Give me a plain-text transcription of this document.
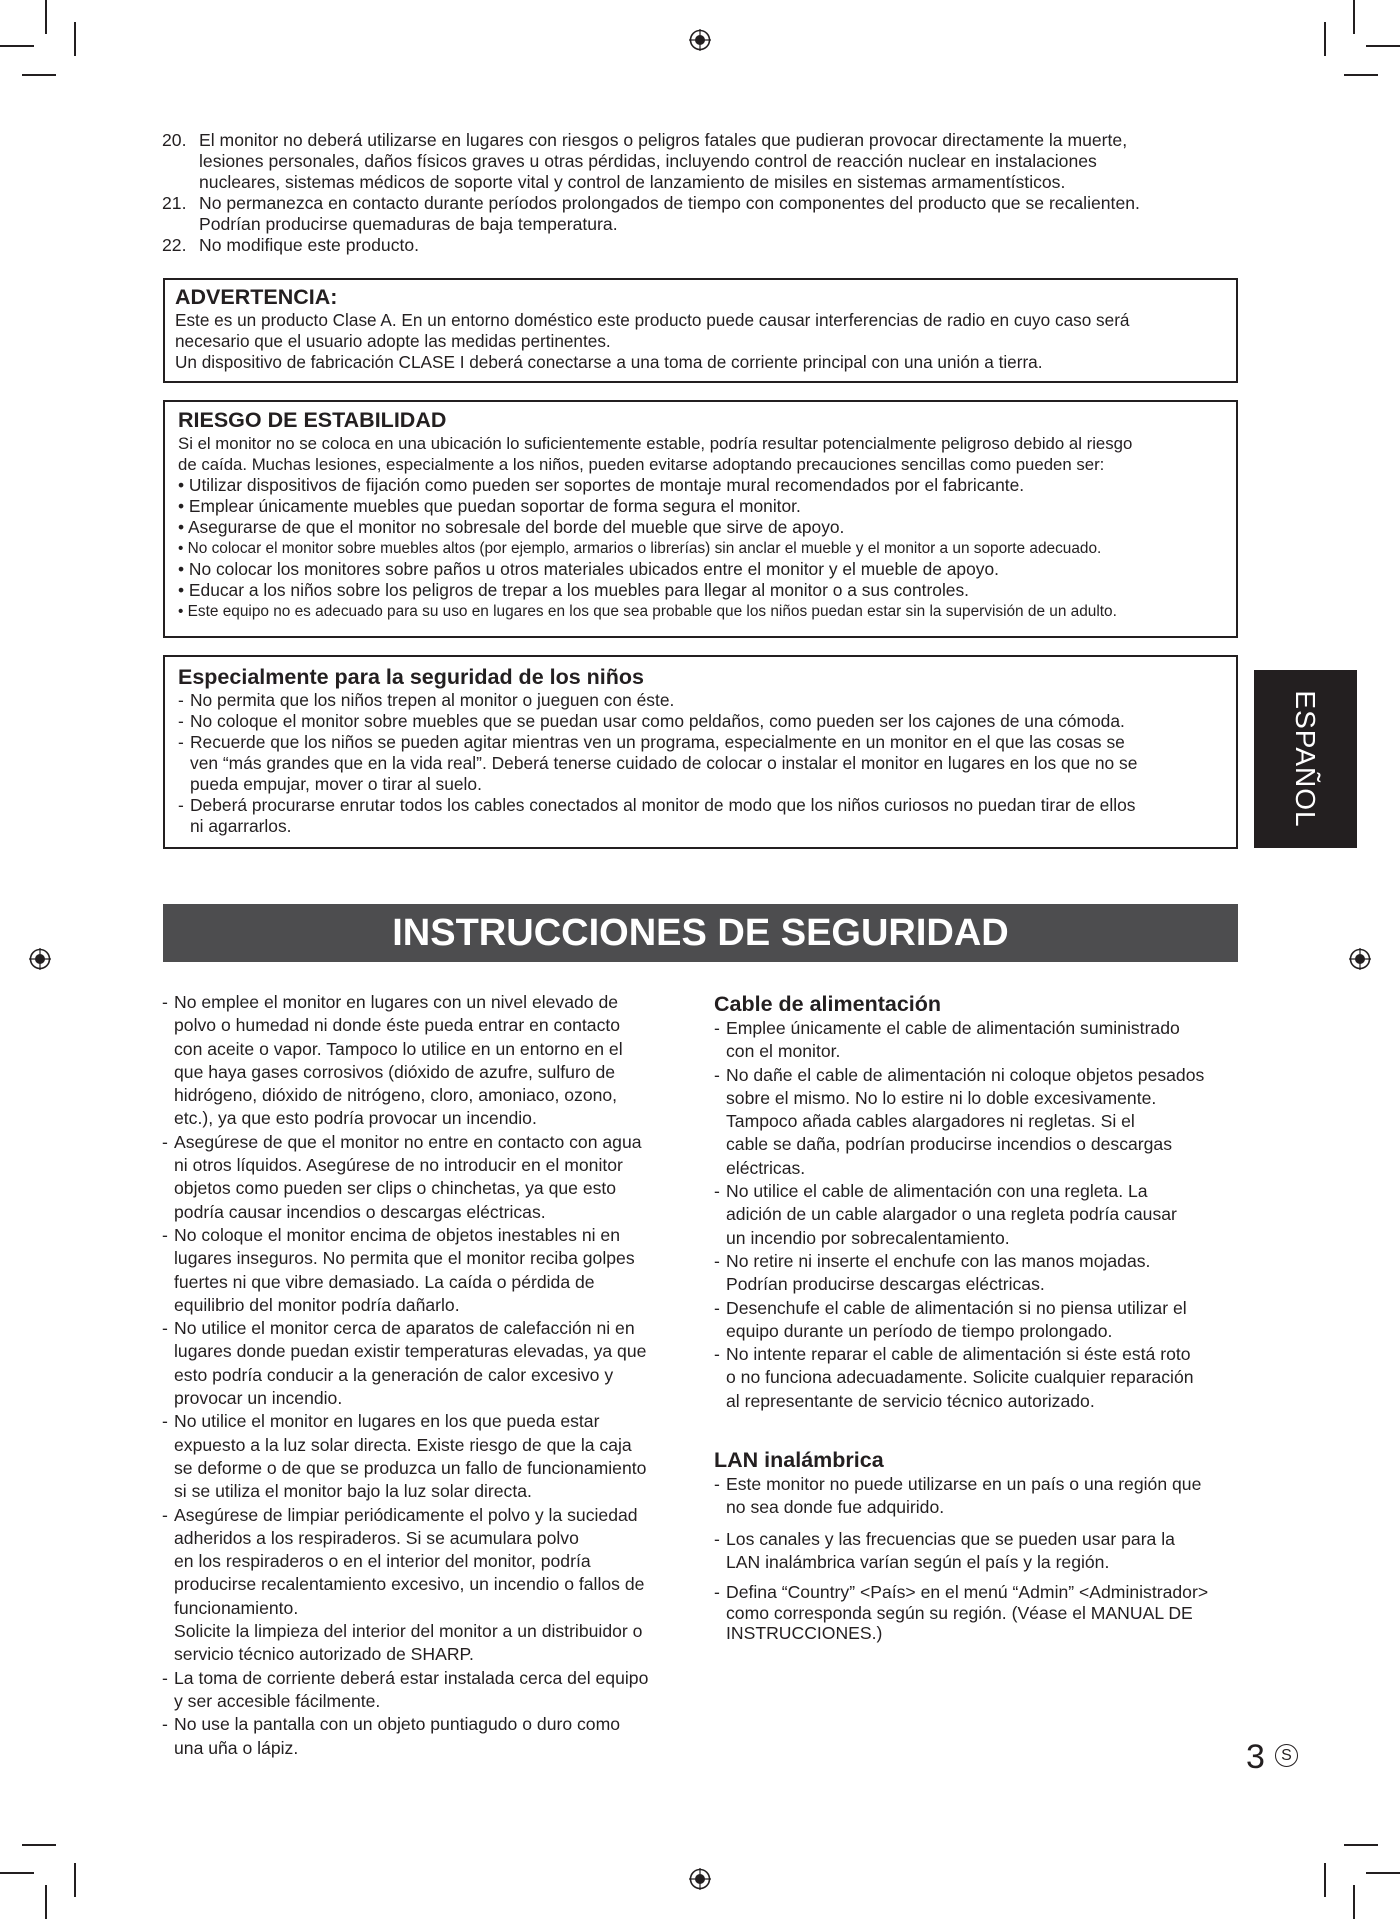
20. El monitor no deberá utilizarse en lugares con riesgos o peligros fatales que pudieran provocar directamente la muerte,
lesiones personales, daños físicos graves u otras pérdidas, incluyendo control de reacción nuclear en instalaciones
nucleares, sistemas médicos de soporte vital y control de lanzamiento de misiles en sistemas armamentísticos.
21. No permanezca en contacto durante períodos prolongados de tiempo con componentes del producto que se recalienten.
Podrían producirse quemaduras de baja temperatura.
22. No modifique este producto.
ADVERTENCIA:

Este es un producto Clase A. En un entorno doméstico este producto puede causar interferencias de radio en cuyo caso será

necesario que el usuario adopte las medidas pertinentes.

Un dispositivo de fabricación CLASE I deberá conectarse a una toma de corriente principal con una unión a tierra.

RIESGO DE ESTABILIDAD

Si el monitor no se coloca en una ubicación lo suficientemente estable, podría resultar potencialmente peligroso debido al riesgo

de caída. Muchas lesiones, especialmente a los niños, pueden evitarse adoptando precauciones sencillas como pueden ser:

• Utilizar dispositivos de fijación como pueden ser soportes de montaje mural recomendados por el fabricante.
• Emplear únicamente muebles que puedan soportar de forma segura el monitor.
• Asegurarse de que el monitor no sobresale del borde del mueble que sirve de apoyo.
• No colocar el monitor sobre muebles altos (por ejemplo, armarios o librerías) sin anclar el mueble y el monitor a un soporte adecuado.
• No colocar los monitores sobre paños u otros materiales ubicados entre el monitor y el mueble de apoyo.
• Educar a los niños sobre los peligros de trepar a los muebles para llegar al monitor o a sus controles.
• Este equipo no es adecuado para su uso en lugares en los que sea probable que los niños puedan estar sin la supervisión de un adulto.
Especialmente para la seguridad de los niños
- No permita que los niños trepen al monitor o jueguen con éste.
- No coloque el monitor sobre muebles que se puedan usar como peldaños, como pueden ser los cajones de una cómoda.
- Recuerde que los niños se pueden agitar mientras ven un programa, especialmente en un monitor en el que las cosas se
ven “más grandes que en la vida real”. Deberá tenerse cuidado de colocar o instalar el monitor en lugares en los que no se
pueda empujar, mover o tirar al suelo.
- Deberá procurarse enrutar todos los cables conectados al monitor de modo que los niños curiosos no puedan tirar de ellos
ni agarrarlos.	ESPAÑOL
INSTRUCCIONES DE SEGURIDAD
- No emplee el monitor en lugares con un nivel elevado de
polvo o humedad ni donde éste pueda entrar en contacto
con aceite o vapor. Tampoco lo utilice en un entorno en el
que haya gases corrosivos (dióxido de azufre, sulfuro de
hidrógeno, dióxido de nitrógeno, cloro, amoniaco, ozono,
etc.), ya que esto podría provocar un incendio.
- Asegúrese de que el monitor no entre en contacto con agua
ni otros líquidos. Asegúrese de no introducir en el monitor
objetos como pueden ser clips o chinchetas, ya que esto
podría causar incendios o descargas eléctricas.
- No coloque el monitor encima de objetos inestables ni en
lugares inseguros. No permita que el monitor reciba golpes
fuertes ni que vibre demasiado. La caída o pérdida de
equilibrio del monitor podría dañarlo.
- No utilice el monitor cerca de aparatos de calefacción ni en
lugares donde puedan existir temperaturas elevadas, ya que
esto podría conducir a la generación de calor excesivo y
provocar un incendio.
- No utilice el monitor en lugares en los que pueda estar
expuesto a la luz solar directa. Existe riesgo de que la caja
se deforme o de que se produzca un fallo de funcionamiento
si se utiliza el monitor bajo la luz solar directa.
- Asegúrese de limpiar periódicamente el polvo y la suciedad
adheridos a los respiraderos. Si se acumulara polvo
en los respiraderos o en el interior del monitor, podría
producirse recalentamiento excesivo, un incendio o fallos de
funcionamiento.
Solicite la limpieza del interior del monitor a un distribuidor o
servicio técnico autorizado de SHARP.
- La toma de corriente deberá estar instalada cerca del equipo
y ser accesible fácilmente.
- No use la pantalla con un objeto puntiagudo o duro como
una uña o lápiz.
Cable de alimentación
- Emplee únicamente el cable de alimentación suministrado
con el monitor.
- No dañe el cable de alimentación ni coloque objetos pesados
sobre el mismo. No lo estire ni lo doble excesivamente.
Tampoco añada cables alargadores ni regletas. Si el
cable se daña, podrían producirse incendios o descargas
eléctricas.
- No utilice el cable de alimentación con una regleta. La
adición de un cable alargador o una regleta podría causar
un incendio por sobrecalentamiento.
- No retire ni inserte el enchufe con las manos mojadas.
Podrían producirse descargas eléctricas.
- Desenchufe el cable de alimentación si no piensa utilizar el
equipo durante un período de tiempo prolongado.
- No intente reparar el cable de alimentación si éste está roto
o no funciona adecuadamente. Solicite cualquier reparación
al representante de servicio técnico autorizado.
LAN inalámbrica
- Este monitor no puede utilizarse en un país o una región que
no sea donde fue adquirido.
- Los canales y las frecuencias que se pueden usar para la
LAN inalámbrica varían según el país y la región.
- Defina “Country” <País> en el menú “Admin” <Administrador>
como corresponda según su región. (Véase el MANUAL DE
INSTRUCCIONES.)
3	S
